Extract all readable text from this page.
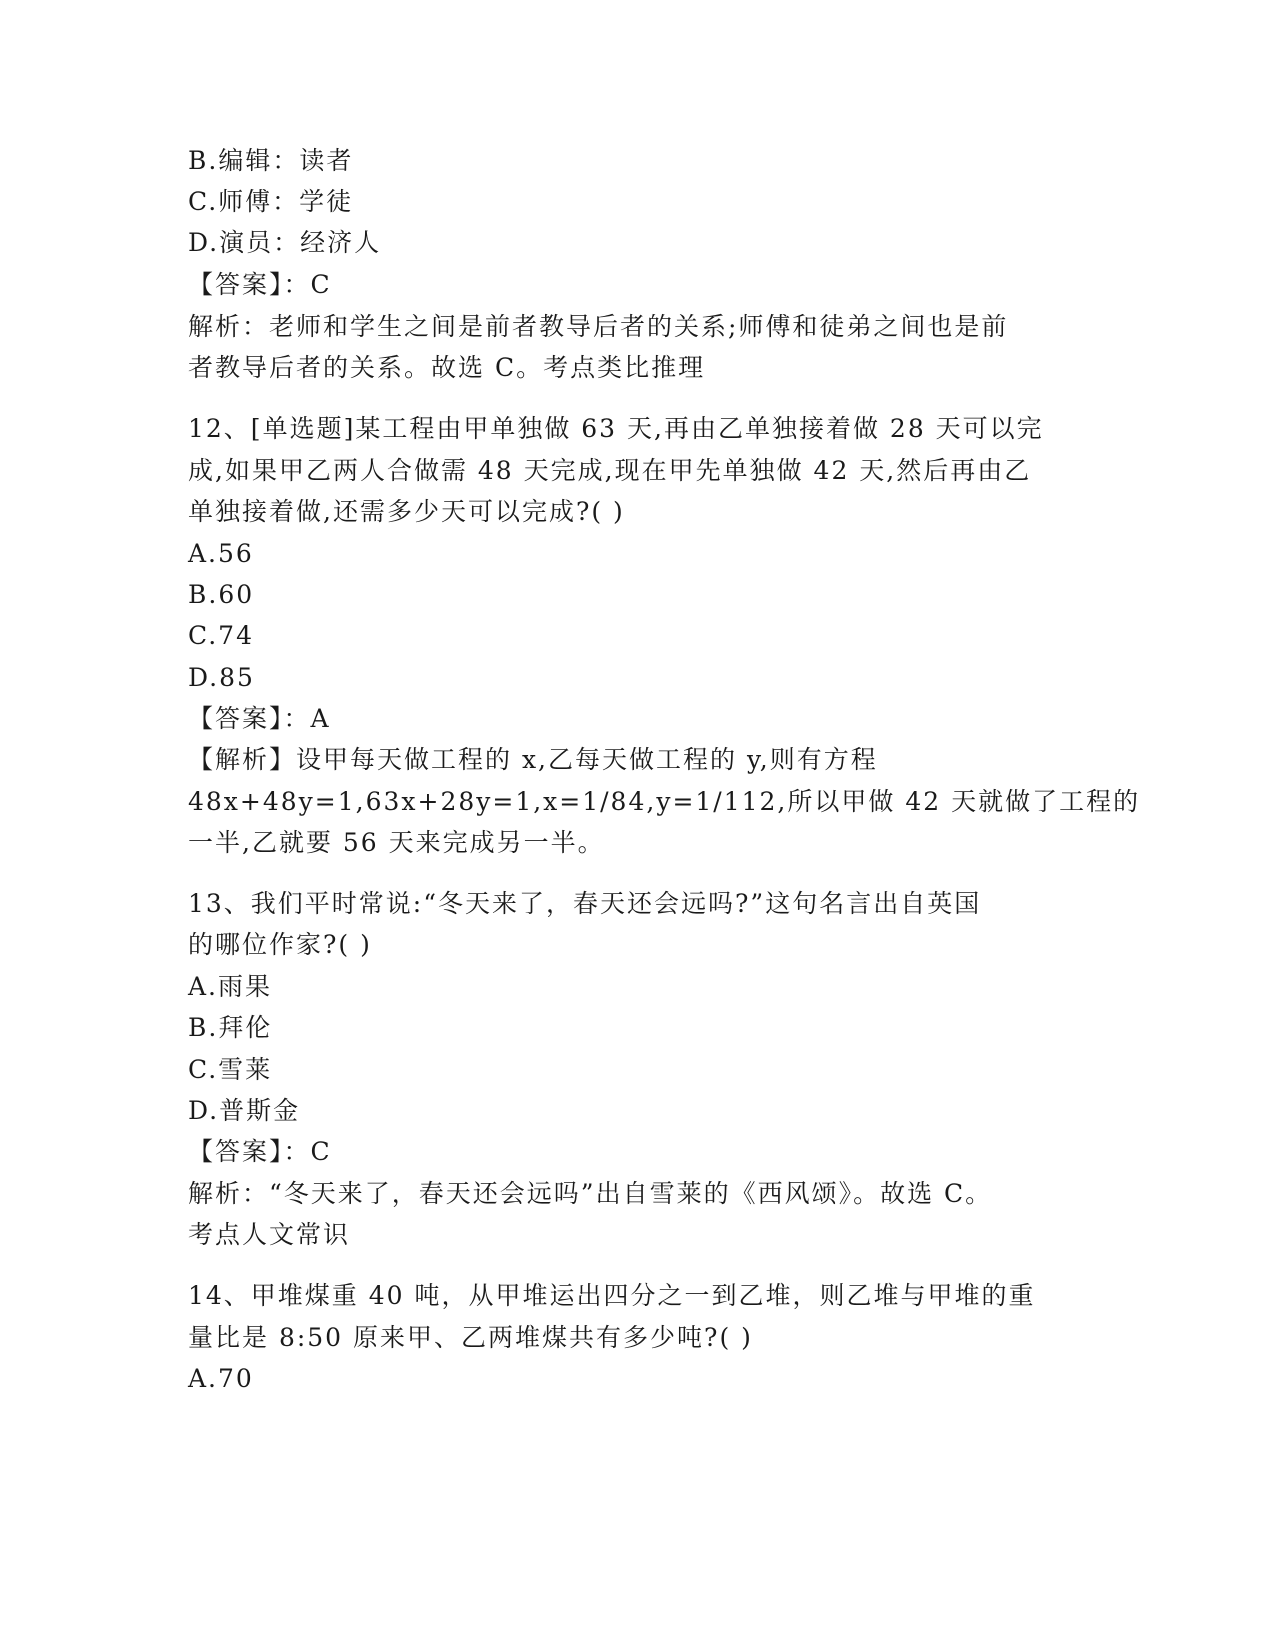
B.编辑：读者
C.师傅：学徒
D.演员：经济人
【答案】：C
解析：老师和学生之间是前者教导后者的关系;师傅和徒弟之间也是前
者教导后者的关系。故选 C。考点类比推理
12、[单选题]某工程由甲单独做 63 天,再由乙单独接着做 28 天可以完
成,如果甲乙两人合做需 48 天完成,现在甲先单独做 42 天,然后再由乙
单独接着做,还需多少天可以完成?( )
A.56
B.60
C.74
D.85
【答案】：A
【解析】设甲每天做工程的 x,乙每天做工程的 y,则有方程
48x+48y=1,63x+28y=1,x=1/84,y=1/112,所以甲做 42 天就做了工程的
一半,乙就要 56 天来完成另一半。
13、我们平时常说:“冬天来了，春天还会远吗?”这句名言出自英国
的哪位作家?( )
A.雨果
B.拜伦
C.雪莱
D.普斯金
【答案】：C
解析：“冬天来了，春天还会远吗”出自雪莱的《西风颂》。故选 C。
考点人文常识
14、甲堆煤重 40 吨，从甲堆运出四分之一到乙堆，则乙堆与甲堆的重
量比是 8:50 原来甲、乙两堆煤共有多少吨?( )
A.70
